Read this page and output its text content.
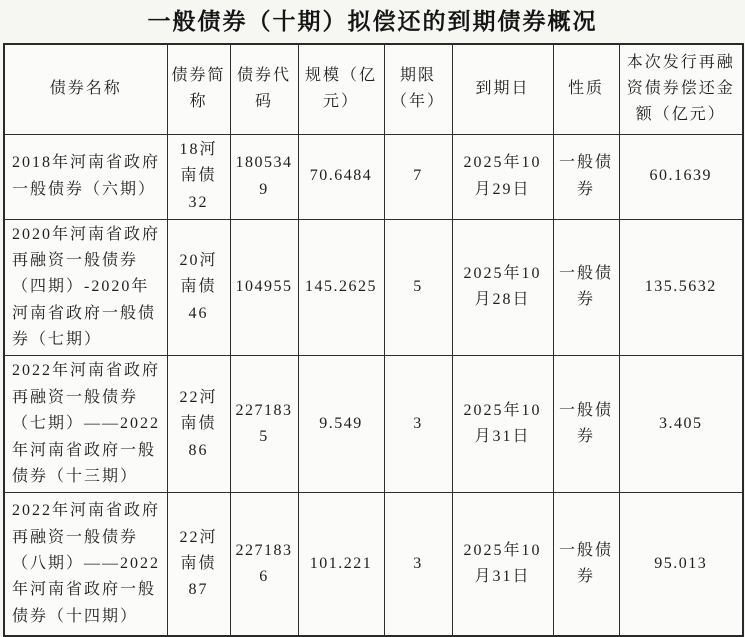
一般债券（十期）拟偿还的到期债券概况
债券名称	债券简称	债券代码	规模（亿元）	期限（年）	到期日	性质	本次发行再融资债券偿还金额（亿元）
2018年河南省政府一般债券（六期）	18河南债32	1805349	70.6484	7	2025年10月29日	一般债券	60.1639
2020年河南省政府再融资一般债券（四期）-2020年河南省政府一般债券（七期）	20河南债46	104955	145.2625	5	2025年10月28日	一般债券	135.5632
2022年河南省政府再融资一般债券（七期）——2022年河南省政府一般债券（十三期）	22河南债86	2271835	9.549	3	2025年10月31日	一般债券	3.405
2022年河南省政府再融资一般债券（八期）——2022年河南省政府一般债券（十四期）	22河南债87	2271836	101.221	3	2025年10月31日	一般债券	95.013
